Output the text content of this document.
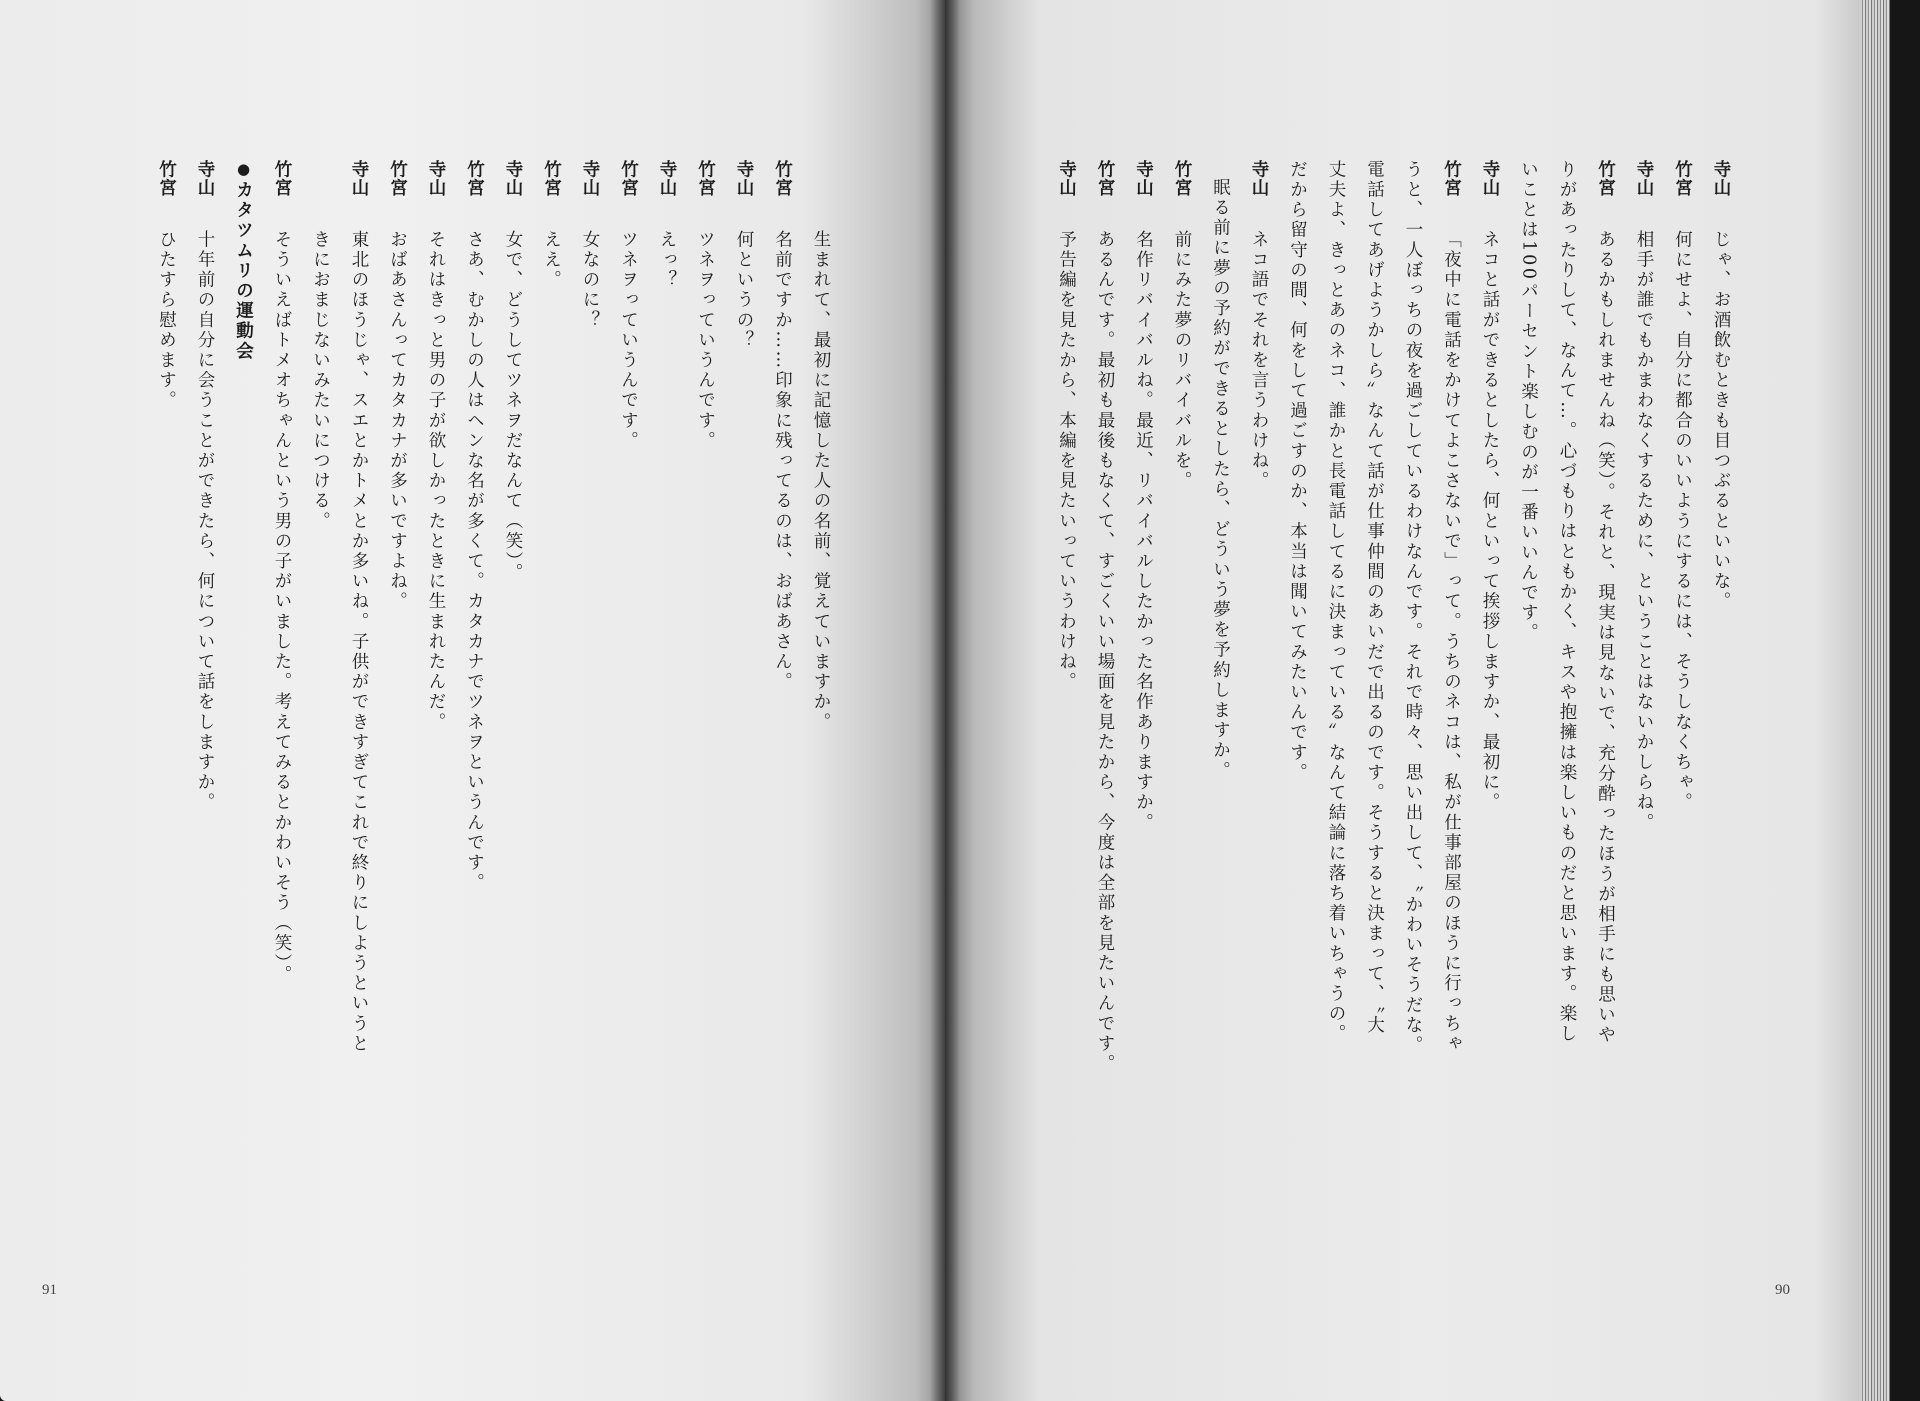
生まれて、最初に記憶した人の名前、覚えていますか。
竹宮名前ですか……印象に残ってるのは、おばあさん。
寺山何というの？
竹宮ツネヲっていうんです。
寺山えっ？
竹宮ツネヲっていうんです。
寺山女なのに？
竹宮ええ。
寺山女で、どうしてツネヲだなんて（笑）。
竹宮さあ、むかしの人はヘンな名が多くて。カタカナでツネヲというんです。
寺山それはきっと男の子が欲しかったときに生まれたんだ。
竹宮おばあさんってカタカナが多いですよね。
寺山東北のほうじゃ、スエとかトメとか多いね。子供ができすぎてこれで終りにしようというと
きにおまじないみたいにつける。
竹宮そういえばトメオちゃんという男の子がいました。考えてみるとかわいそう（笑）。
●カタツムリの運動会
寺山十年前の自分に会うことができたら、何について話をしますか。
竹宮ひたすら慰めます。
91
寺山じゃ、お酒飲むときも目つぶるといいな。
竹宮何にせよ、自分に都合のいいようにするには、そうしなくちゃ。
寺山相手が誰でもかまわなくするために、ということはないかしらね。
竹宮あるかもしれませんね（笑）。それと、現実は見ないで、充分酔ったほうが相手にも思いや
りがあったりして、なんて…。心づもりはともかく、キスや抱擁は楽しいものだと思います。楽し
いことは100パーセント楽しむのが一番いいんです。
寺山ネコと話ができるとしたら、何といって挨拶しますか、最初に。
竹宮「夜中に電話をかけてよこさないで」って。うちのネコは、私が仕事部屋のほうに行っちゃ
うと、一人ぼっちの夜を過ごしているわけなんです。それで時々、思い出して、〝かわいそうだな。
電話してあげようかしら〟なんて話が仕事仲間のあいだで出るのです。そうすると決まって、〝大
丈夫よ、きっとあのネコ、誰かと長電話してるに決まっている〟なんて結論に落ち着いちゃうの。
だから留守の間、何をして過ごすのか、本当は聞いてみたいんです。
寺山ネコ語でそれを言うわけね。
眠る前に夢の予約ができるとしたら、どういう夢を予約しますか。
竹宮前にみた夢のリバイバルを。
寺山名作リバイバルね。最近、リバイバルしたかった名作ありますか。
竹宮あるんです。最初も最後もなくて、すごくいい場面を見たから、今度は全部を見たいんです。
寺山予告編を見たから、本編を見たいっていうわけね。
90
